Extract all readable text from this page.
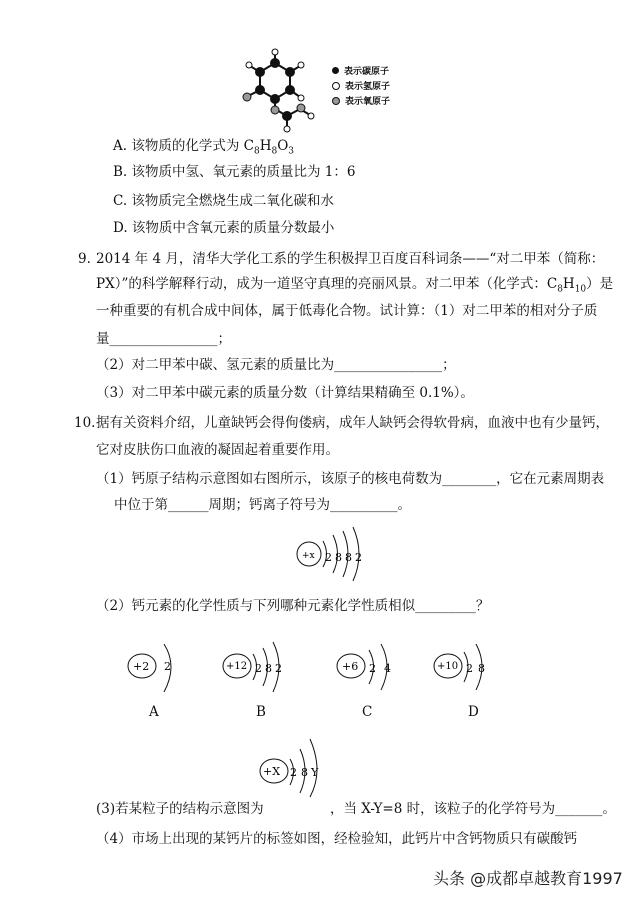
表示碳原子
表示氢原子
表示氧原子
A. 该物质的化学式为 $C_8H_8O_3$
B. 该物质中氢、氧元素的质量比为 1：6
C. 该物质完全燃烧生成二氧化碳和水
D. 该物质中含氧元素的质量分数最小
9. 2014 年 4 月，清华大学化工系的学生积极捍卫百度百科词条——“对二甲苯（简称：
PX）”的科学解释行动，成为一道坚守真理的亮丽风景。对二甲苯（化学式：$C_8H_{10}$）是
一种重要的有机合成中间体，属于低毒化合物。试计算：（1）对二甲苯的相对分子质
量________________；
（2）对二甲苯中碳、氢元素的质量比为________________；
（3）对二甲苯中碳元素的质量分数（计算结果精确至 0.1%）。
10. 据有关资料介绍，儿童缺钙会得佝偻病，成年人缺钙会得软骨病，血液中也有少量钙，
它对皮肤伤口血液的凝固起着重要作用。
（1）钙原子结构示意图如右图所示，该原子的核电荷数为________，它在元素周期表
中位于第______周期；钙离子符号为__________。
+x 2 8 8 2
（2）钙元素的化学性质与下列哪种元素化学性质相似_________？
+2 2
A
+12 2 8 2
B
+6 2 4
C
+10 2 8
D
+X 2 8 Y
(3)若某粒子的结构示意图为	，当 X-Y=8 时，该粒子的化学符号为_______。
（4）市场上出现的某钙片的标签如图，经检验知，此钙片中含钙物质只有碳酸钙
头条 @成都卓越教育1997
